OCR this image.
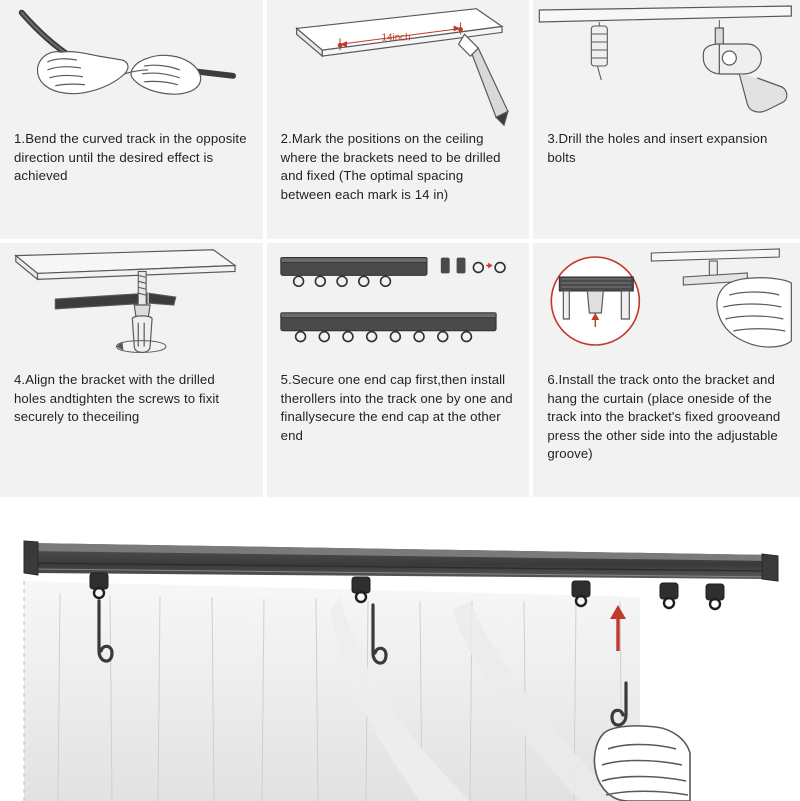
1.Bend the curved track in the opposite direction until the desired effect is achieved
14inch
2.Mark the positions on the ceiling where the brackets need to be drilled and fixed (The optimal spacing between each mark is 14 in)
3.Drill the holes and insert expansion bolts
4.Align the bracket with the drilled holes andtighten the screws to fixit securely to theceiling
5.Secure one end cap first,then install therollers into the track one by one and finallysecure the end cap at the other end
6.Install the track onto the bracket and hang the curtain (place oneside of the track into the bracket's fixed grooveand press the other side into the adjustable groove)
